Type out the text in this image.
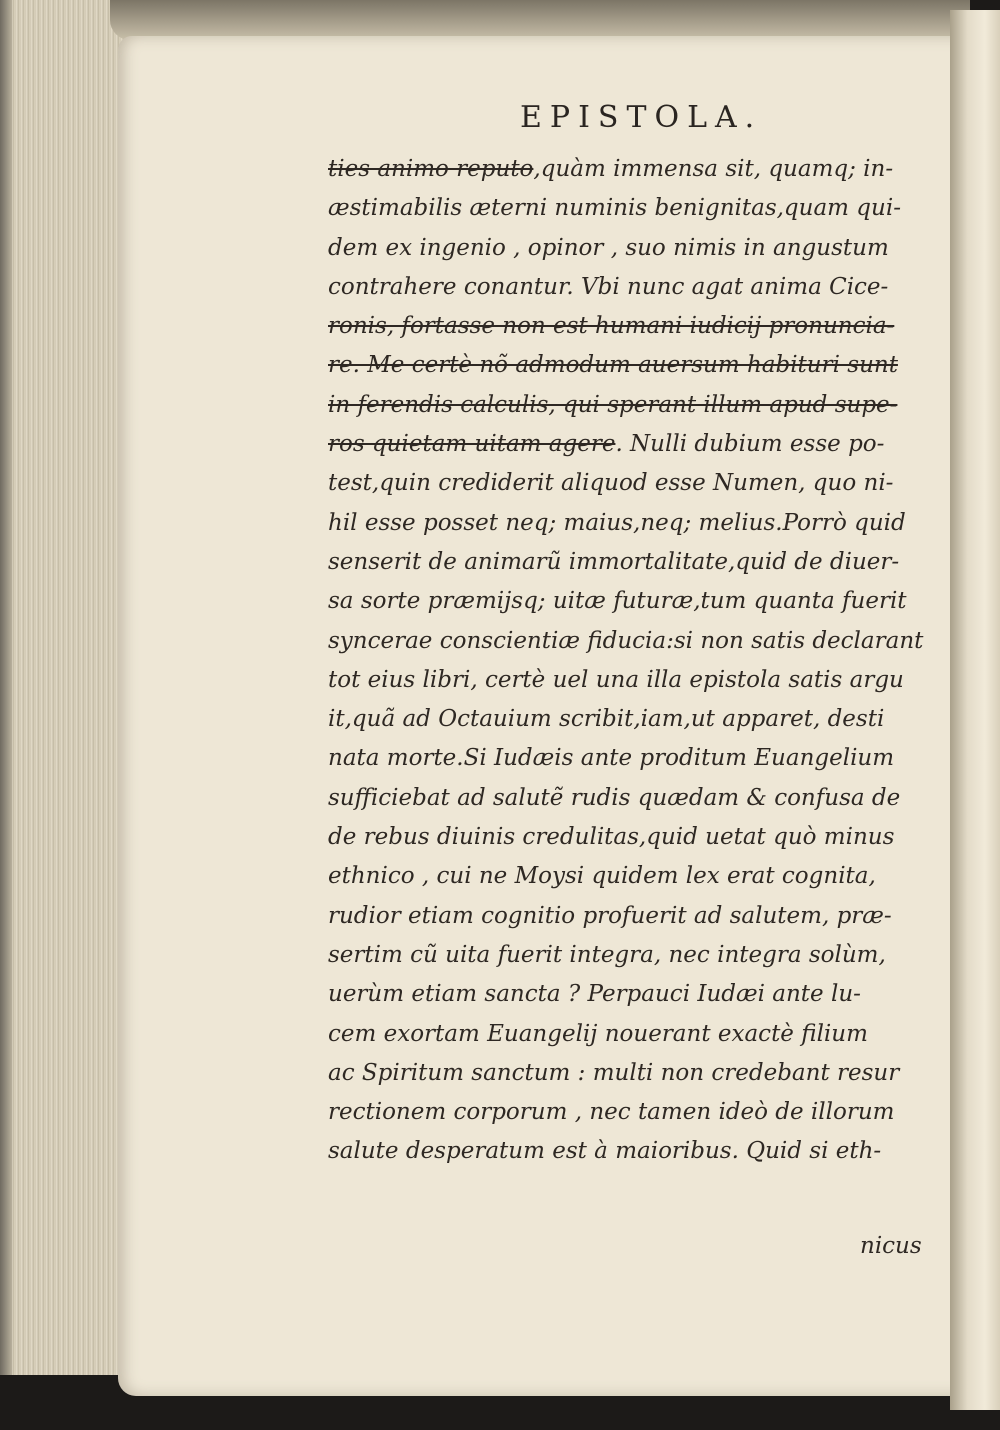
EPISTOLA.
ties animo reputo,quàm immensa sit, quamq; in-
æstimabilis æterni numinis benignitas,quam qui-
dem ex ingenio , opinor , suo nimis in angustum
contrahere conantur. Vbi nunc agat anima Cice-
ronis, fortasse non est humani iudicij pronuncia-
re. Me certè nõ admodum auersum habituri sunt
in ferendis calculis, qui sperant illum apud supe-
ros quietam uitam agere. Nulli dubium esse po-
test,quin crediderit aliquod esse Numen, quo ni-
hil esse posset neq; maius,neq; melius.Porrò quid
senserit de animarũ immortalitate,quid de diuer-
sa sorte præmijsq; uitæ futuræ,tum quanta fuerit
syncerae conscientiæ fiducia:si non satis declarant
tot eius libri, certè uel una illa epistola satis argu
it,quã ad Octauium scribit,iam,ut apparet, desti
nata morte.Si Iudæis ante proditum Euangelium
sufficiebat ad salutẽ rudis quædam & confusa de
de rebus diuinis credulitas,quid uetat quò minus
ethnico , cui ne Moysi quidem lex erat cognita,
rudior etiam cognitio profuerit ad salutem, præ-
sertim cũ uita fuerit integra, nec integra solùm,
uerùm etiam sancta ? Perpauci Iudæi ante lu-
cem exortam Euangelij nouerant exactè filium
ac Spiritum sanctum : multi non credebant resur
rectionem corporum , nec tamen ideò de illorum
salute desperatum est à maioribus. Quid si eth-
nicus
